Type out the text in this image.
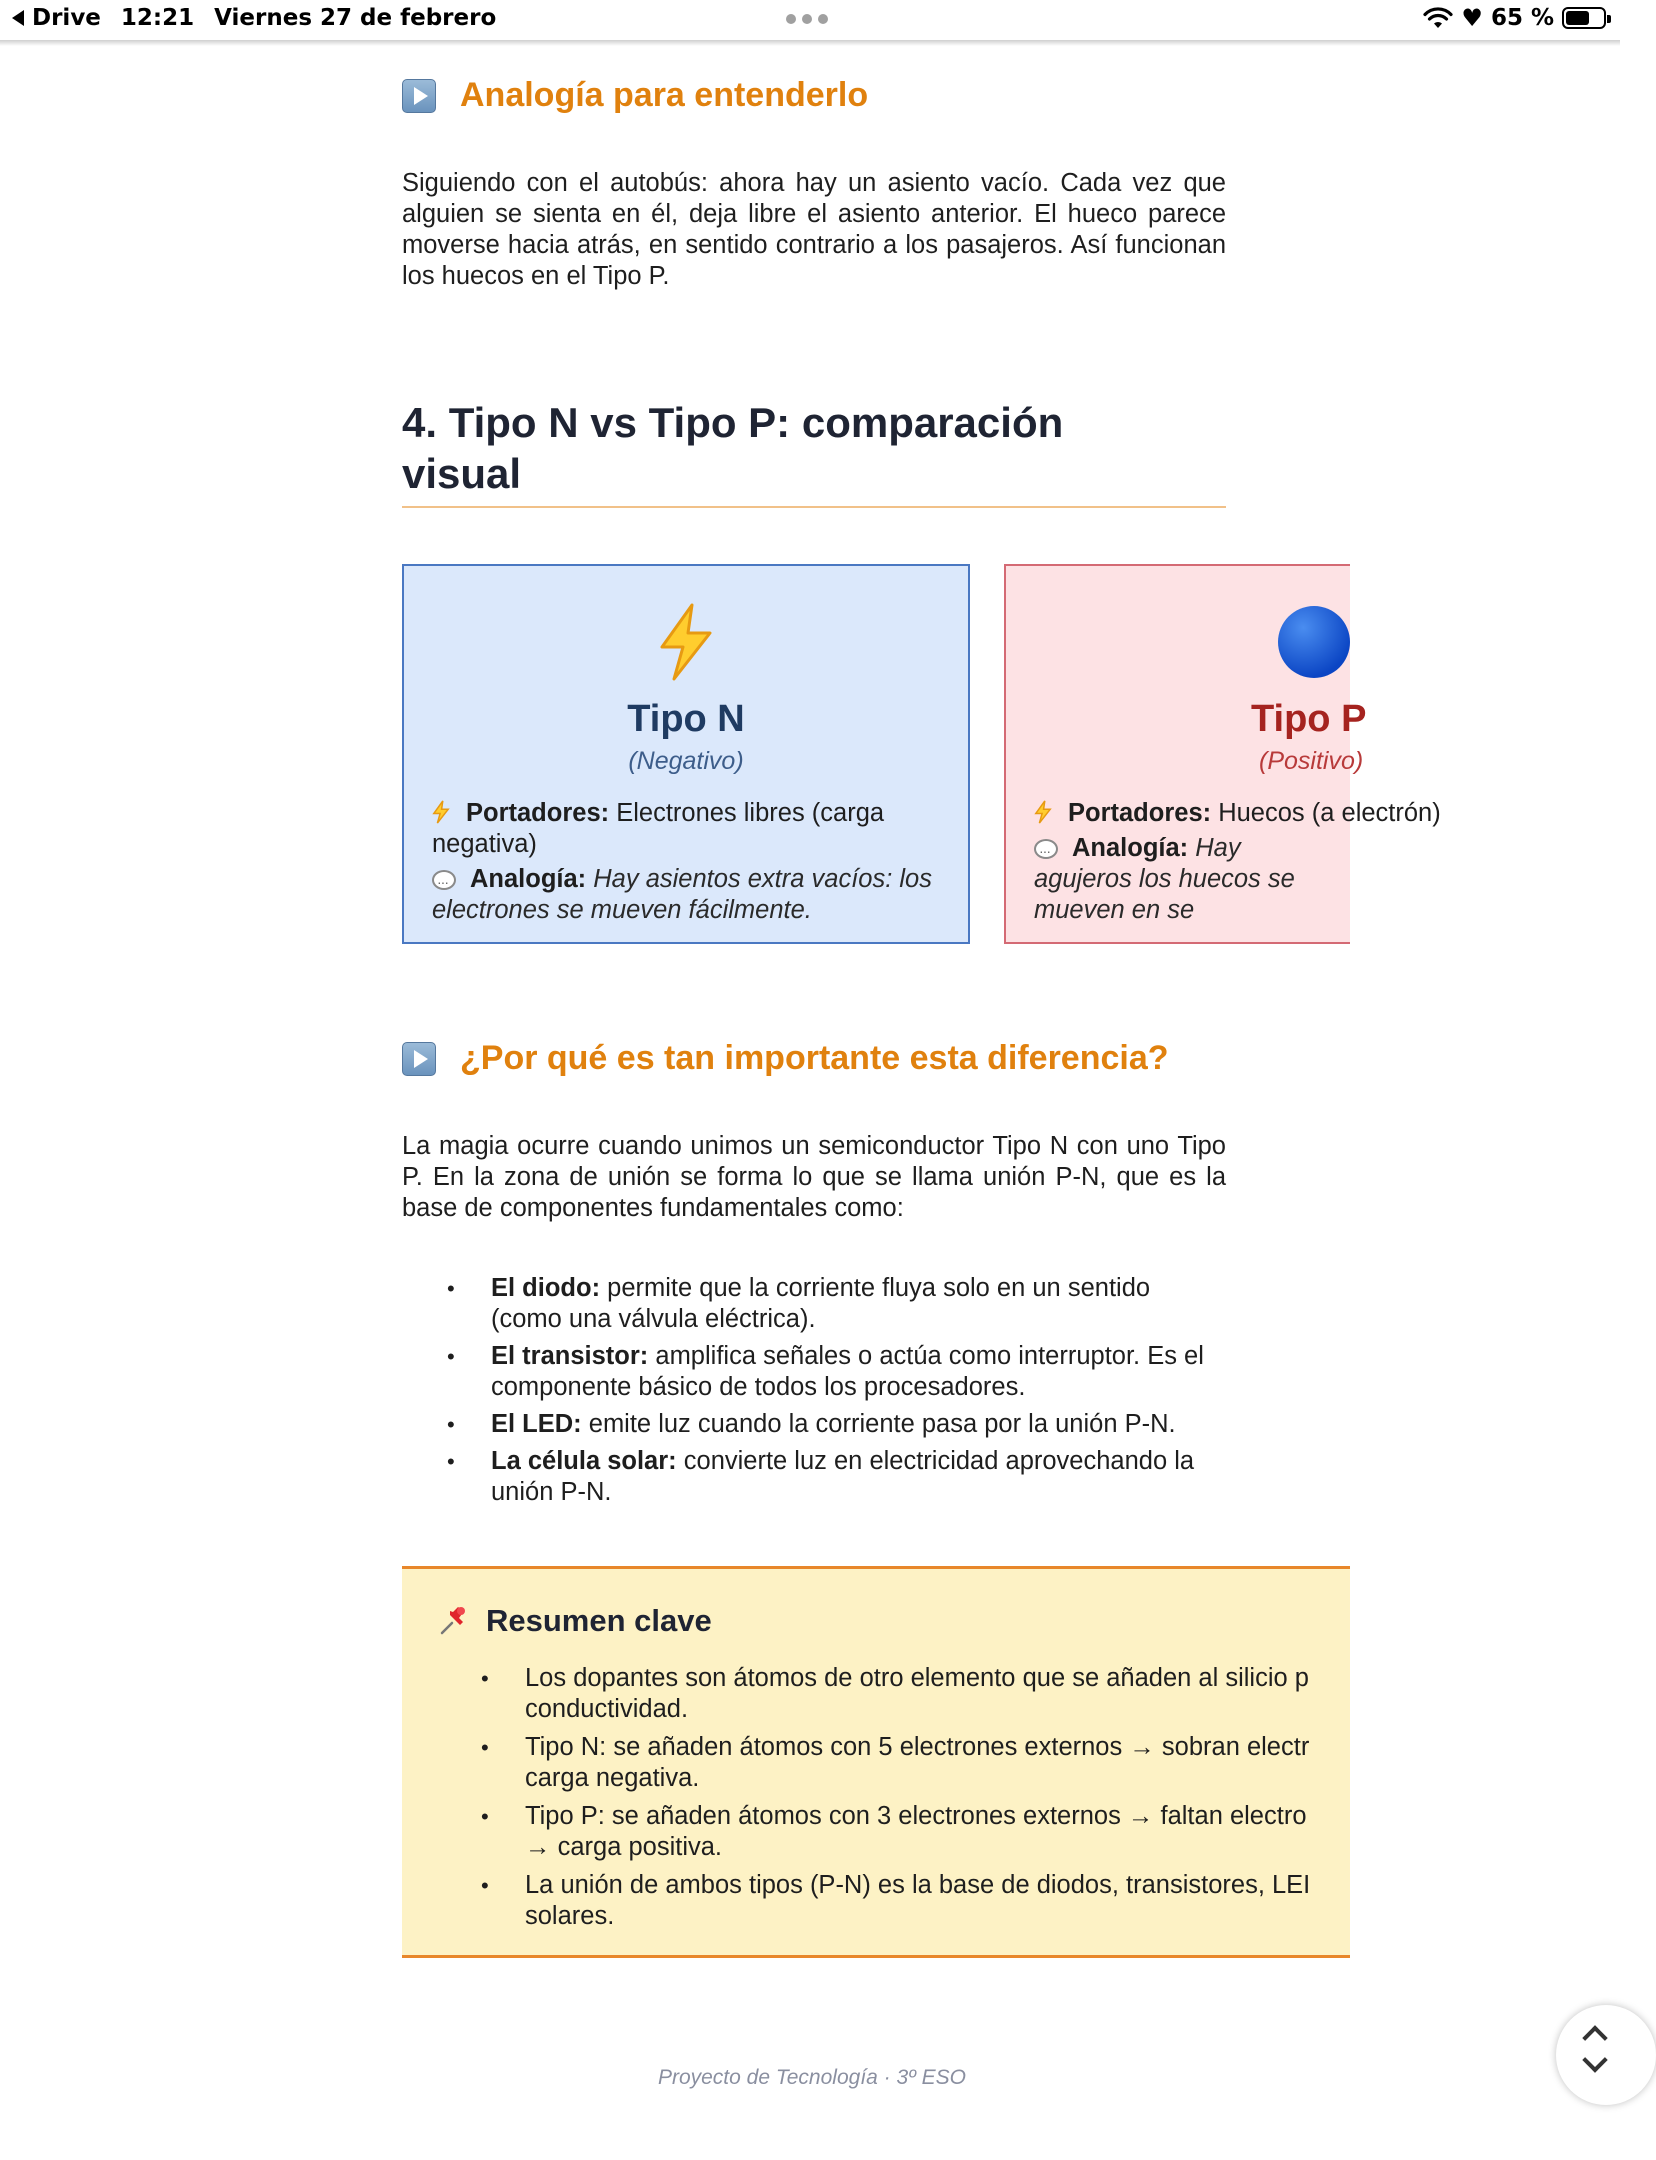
Drive 12:21 Viernes 27 de febrero	♥ 65 %
Analogía para entenderlo

Siguiendo con el autobús: ahora hay un asiento vacío. Cada vez que alguien se sienta en él, deja libre el asiento anterior. El hueco parece moverse hacia atrás, en sentido contrario a los pasajeros. Así funcionan los huecos en el Tipo P.

4. Tipo N vs Tipo P: comparación visual
Tipo N
(Negativo)
Portadores: Electrones libres (carga negativa)
···Analogía: Hay asientos extra vacíos: los electrones se mueven fácilmente.
Tipo P
(Positivo)
Portadores: Huecos (a electrón)
···Analogía: Hay agujeros los huecos se mueven en se
¿Por qué es tan importante esta diferencia?

La magia ocurre cuando unimos un semiconductor Tipo N con uno Tipo P. En la zona de unión se forma lo que se llama unión P-N, que es la base de componentes fundamentales como:

• El diodo: permite que la corriente fluya solo en un sentido (como una válvula eléctrica).
• El transistor: amplifica señales o actúa como interruptor. Es el componente básico de todos los procesadores.
• El LED: emite luz cuando la corriente pasa por la unión P-N.
• La célula solar: convierte luz en electricidad aprovechando la unión P-N.
Resumen clave
• Los dopantes son átomos de otro elemento que se añaden al silicio p
conductividad.
• Tipo N: se añaden átomos con 5 electrones externos → sobran electr
carga negativa.
• Tipo P: se añaden átomos con 3 electrones externos → faltan electro
→ carga positiva.
• La unión de ambos tipos (P-N) es la base de diodos, transistores, LEI
solares.
Proyecto de Tecnología · 3º ESO
